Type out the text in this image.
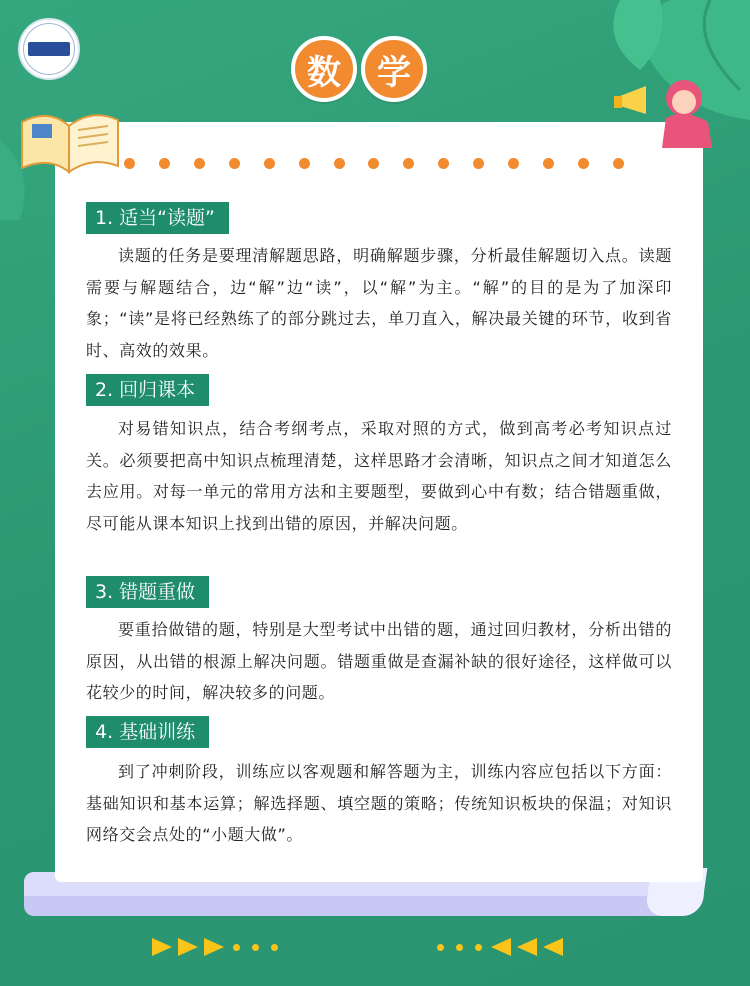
数	学
1. 适当“读题”
读题的任务是要理清解题思路，明确解题步骤，分析最佳解题切入点。读题需要与解题结合，边“解”边“读”，以“解”为主。“解”的目的是为了加深印象；“读”是将已经熟练了的部分跳过去，单刀直入，解决最关键的环节，收到省时、高效的效果。
2. 回归课本
对易错知识点，结合考纲考点，采取对照的方式，做到高考必考知识点过关。必须要把高中知识点梳理清楚，这样思路才会清晰，知识点之间才知道怎么去应用。对每一单元的常用方法和主要题型，要做到心中有数；结合错题重做，尽可能从课本知识上找到出错的原因，并解决问题。
3. 错题重做
要重拾做错的题，特别是大型考试中出错的题，通过回归教材，分析出错的原因，从出错的根源上解决问题。错题重做是查漏补缺的很好途径，这样做可以花较少的时间，解决较多的问题。
4. 基础训练
到了冲刺阶段，训练应以客观题和解答题为主，训练内容应包括以下方面：基础知识和基本运算；解选择题、填空题的策略；传统知识板块的保温；对知识网络交会点处的“小题大做”。
